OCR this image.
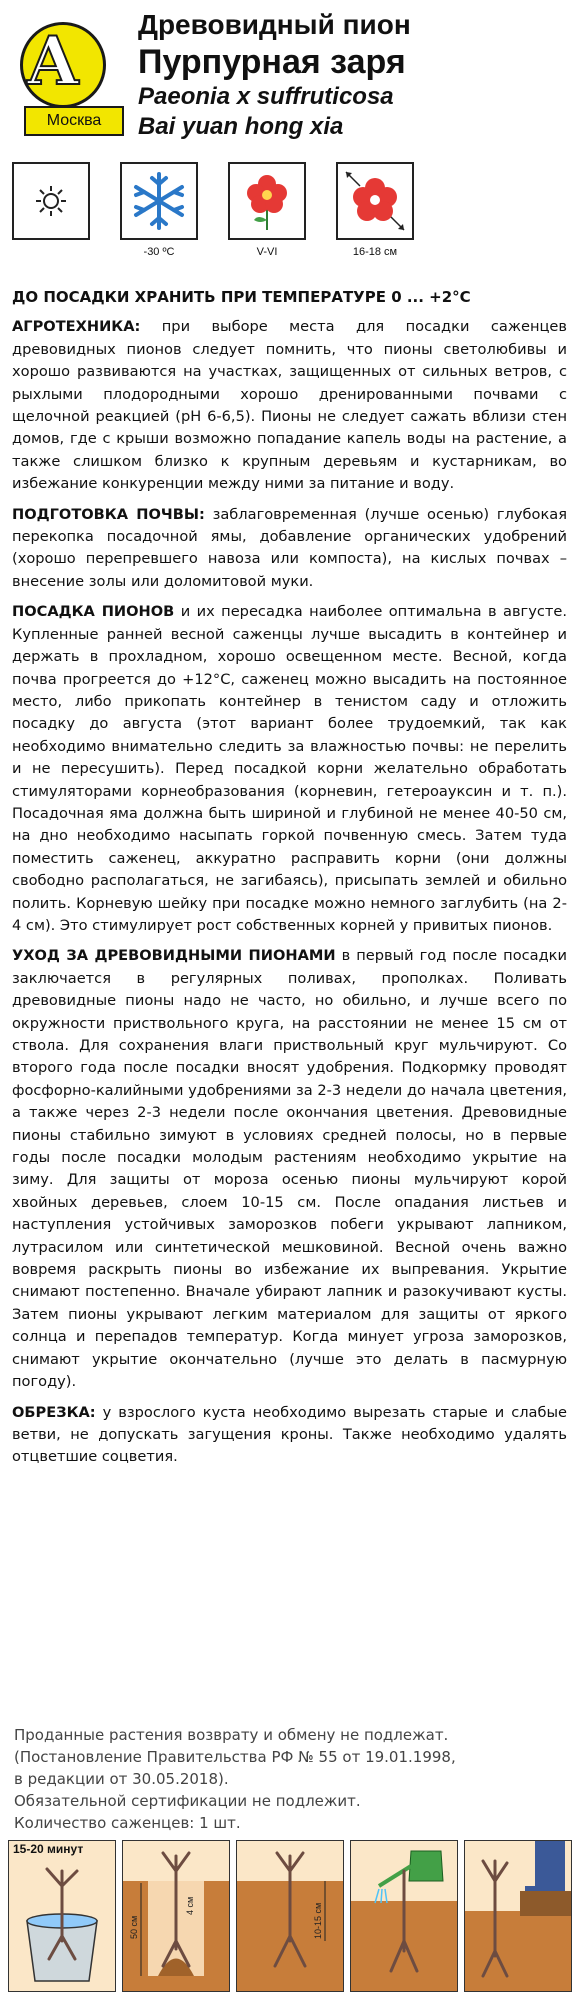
А
Москва
Древовидный пион
Пурпурная заря
Paeonia x suffruticosa
Bai yuan hong xia
-30 ºС	V-VI	16-18 см
ДО ПОСАДКИ ХРАНИТЬ ПРИ ТЕМПЕРАТУРЕ 0 ... +2°С

АГРОТЕХНИКА: при выборе места для посадки саженцев древовидных пионов следует помнить, что пионы светолюбивы и хорошо развиваются на участках, защищенных от сильных ветров, с рыхлыми плодородными хорошо дренированными почвами с щелочной реакцией (pH 6-6,5). Пионы не следует сажать вблизи стен домов, где с крыши возможно попадание капель воды на растение, а также слишком близко к крупным деревьям и кустарникам, во избежание конкуренции между ними за питание и воду.

ПОДГОТОВКА ПОЧВЫ: заблаговременная (лучше осенью) глубокая перекопка посадочной ямы, добавление органических удобрений (хорошо перепревшего навоза или компоста), на кислых почвах – внесение золы или доломитовой муки.

ПОСАДКА ПИОНОВ и их пересадка наиболее оптимальна в августе. Купленные ранней весной саженцы лучше высадить в контейнер и держать в прохладном, хорошо освещенном месте. Весной, когда почва прогреется до +12°С, саженец можно высадить на постоянное место, либо прикопать контейнер в тенистом саду и отложить посадку до августа (этот вариант более трудоемкий, так как необходимо внимательно следить за влажностью почвы: не перелить и не пересушить). Перед посадкой корни желательно обработать стимуляторами корнеобразования (корневин, гетероауксин и т. п.). Посадочная яма должна быть шириной и глубиной не менее 40-50 см, на дно необходимо насыпать горкой почвенную смесь. Затем туда поместить саженец, аккуратно расправить корни (они должны свободно располагаться, не загибаясь), присыпать землей и обильно полить. Корневую шейку при посадке можно немного заглубить (на 2-4 см). Это стимулирует рост собственных корней у привитых пионов.

УХОД ЗА ДРЕВОВИДНЫМИ ПИОНАМИ в первый год после посадки заключается в регулярных поливах, прополках. Поливать древовидные пионы надо не часто, но обильно, и лучше всего по окружности приствольного круга, на расстоянии не менее 15 см от ствола. Для сохранения влаги приствольный круг мульчируют. Со второго года после посадки вносят удобрения. Подкормку проводят фосфорно-калийными удобрениями за 2-3 недели до начала цветения, а также через 2-3 недели после окончания цветения. Древовидные пионы стабильно зимуют в условиях средней полосы, но в первые годы после посадки молодым растениям необходимо укрытие на зиму. Для защиты от мороза осенью пионы мульчируют корой хвойных деревьев, слоем 10-15 см. После опадания листьев и наступления устойчивых заморозков побеги укрывают лапником, лутрасилом или синтетической мешковиной. Весной очень важно вовремя раскрыть пионы во избежание их выпревания. Укрытие снимают постепенно. Вначале убирают лапник и разокучивают кусты. Затем пионы укрывают легким материалом для защиты от яркого солнца и перепадов температур. Когда минует угроза заморозков, снимают укрытие окончательно (лучше это делать в пасмурную погоду).

ОБРЕЗКА: у взрослого куста необходимо вырезать старые и слабые ветви, не допускать загущения кроны. Также необходимо удалять отцветшие соцветия.

Проданные растения возврату и обмену не подлежат.
(Постановление Правительства РФ № 55 от 19.01.1998,
в редакции от 30.05.2018).
Обязательной сертификации не подлежит.
Количество саженцев: 1 шт.
15-20 минут
50 см
4 см	10-15 см
